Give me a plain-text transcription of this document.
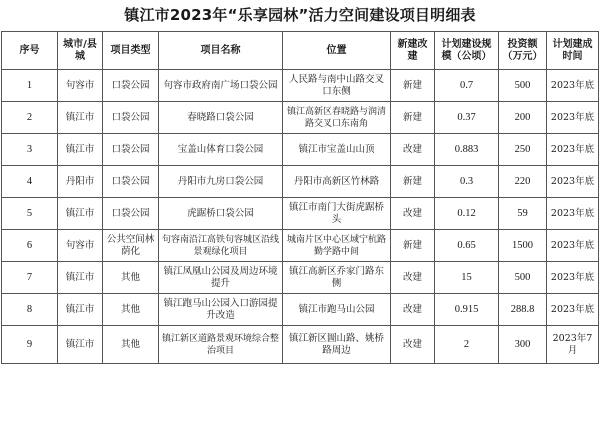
镇江市2023年“乐享园林”活力空间建设项目明细表
序号	城市/县城	项目类型	项目名称	位置	新建改建	计划建设规模（公顷）	投资额（万元）	计划建成时间
1	句容市	口袋公园	句容市政府南广场口袋公园	人民路与南中山路交叉口东侧	新建	0.7	500	2023年底
2	镇江市	口袋公园	春晓路口袋公园	镇江高新区春晓路与润清路交叉口东南角	新建	0.37	200	2023年底
3	镇江市	口袋公园	宝盖山体育口袋公园	镇江市宝盖山山顶	改建	0.883	250	2023年底
4	丹阳市	口袋公园	丹阳市九房口袋公园	丹阳市高新区竹林路	新建	0.3	220	2023年底
5	镇江市	口袋公园	虎踞桥口袋公园	镇江市南门大街虎踞桥头	改建	0.12	59	2023年底
6	句容市	公共空间林荫化	句容南沿江高铁句容城区沿线景观绿化项目	城南片区中心区域宁杭路勤学路中间	新建	0.65	1500	2023年底
7	镇江市	其他	镇江凤凰山公园及周边环境提升	镇江高新区乔家门路东侧	改建	15	500	2023年底
8	镇江市	其他	镇江跑马山公园入口游园提升改造	镇江市跑马山公园	改建	0.915	288.8	2023年底
9	镇江市	其他	镇江新区道路景观环境综合整治项目	镇江新区圌山路、姚桥路周边	改建	2	300	2023年7月
